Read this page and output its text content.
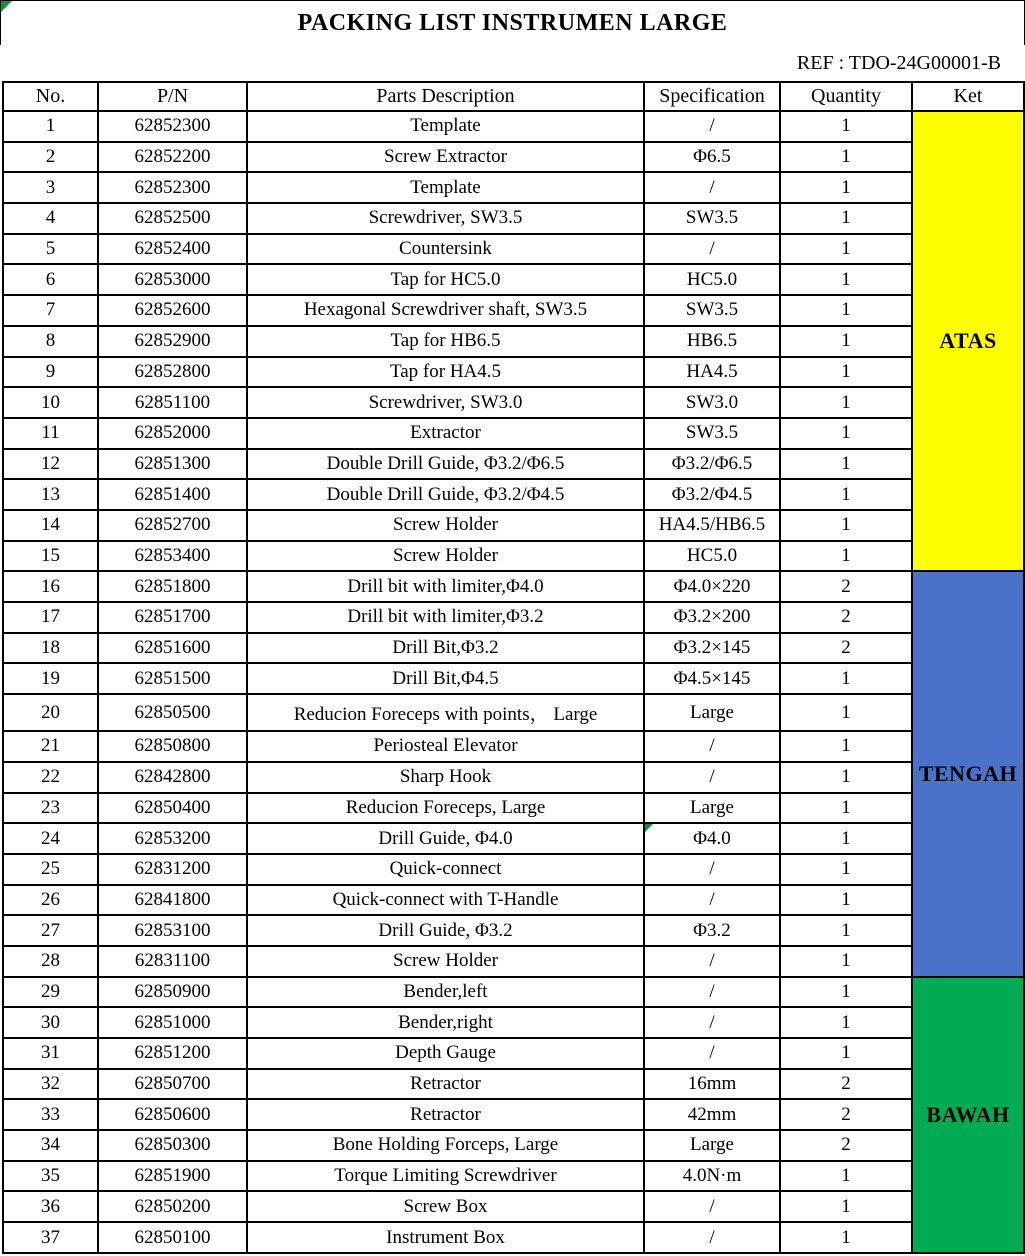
PACKING LIST INSTRUMEN LARGE
REF : TDO-24G00001-B
No.	P/N	Parts Description	Specification	Quantity	Ket
1	62852300	Template	/	1	ATAS
2	62852200	Screw Extractor	Φ6.5	1	
3	62852300	Template	/	1	
4	62852500	Screwdriver, SW3.5	SW3.5	1	
5	62852400	Countersink	/	1	
6	62853000	Tap for HC5.0	HC5.0	1	
7	62852600	Hexagonal Screwdriver shaft, SW3.5	SW3.5	1	
8	62852900	Tap for HB6.5	HB6.5	1	
9	62852800	Tap for HA4.5	HA4.5	1	
10	62851100	Screwdriver, SW3.0	SW3.0	1	
11	62852000	Extractor	SW3.5	1	
12	62851300	Double Drill Guide, Φ3.2/Φ6.5	Φ3.2/Φ6.5	1	
13	62851400	Double Drill Guide, Φ3.2/Φ4.5	Φ3.2/Φ4.5	1	
14	62852700	Screw Holder	HA4.5/HB6.5	1	
15	62853400	Screw Holder	HC5.0	1	
16	62851800	Drill bit with limiter,Φ4.0	Φ4.0×220	2	TENGAH
17	62851700	Drill bit with limiter,Φ3.2	Φ3.2×200	2	
18	62851600	Drill Bit,Φ3.2	Φ3.2×145	2	
19	62851500	Drill Bit,Φ4.5	Φ4.5×145	1	
20	62850500	Reducion Foreceps with points， Large	Large	1	
21	62850800	Periosteal Elevator	/	1	
22	62842800	Sharp Hook	/	1	
23	62850400	Reducion Foreceps, Large	Large	1	
24	62853200	Drill Guide, Φ4.0	Φ4.0	1	
25	62831200	Quick-connect	/	1	
26	62841800	Quick-connect with T-Handle	/	1	
27	62853100	Drill Guide, Φ3.2	Φ3.2	1	
28	62831100	Screw Holder	/	1	
29	62850900	Bender,left	/	1	BAWAH
30	62851000	Bender,right	/	1	
31	62851200	Depth Gauge	/	1	
32	62850700	Retractor	16mm	2	
33	62850600	Retractor	42mm	2	
34	62850300	Bone Holding Forceps, Large	Large	2	
35	62851900	Torque Limiting Screwdriver	4.0N·m	1	
36	62850200	Screw Box	/	1	
37	62850100	Instrument Box	/	1	
